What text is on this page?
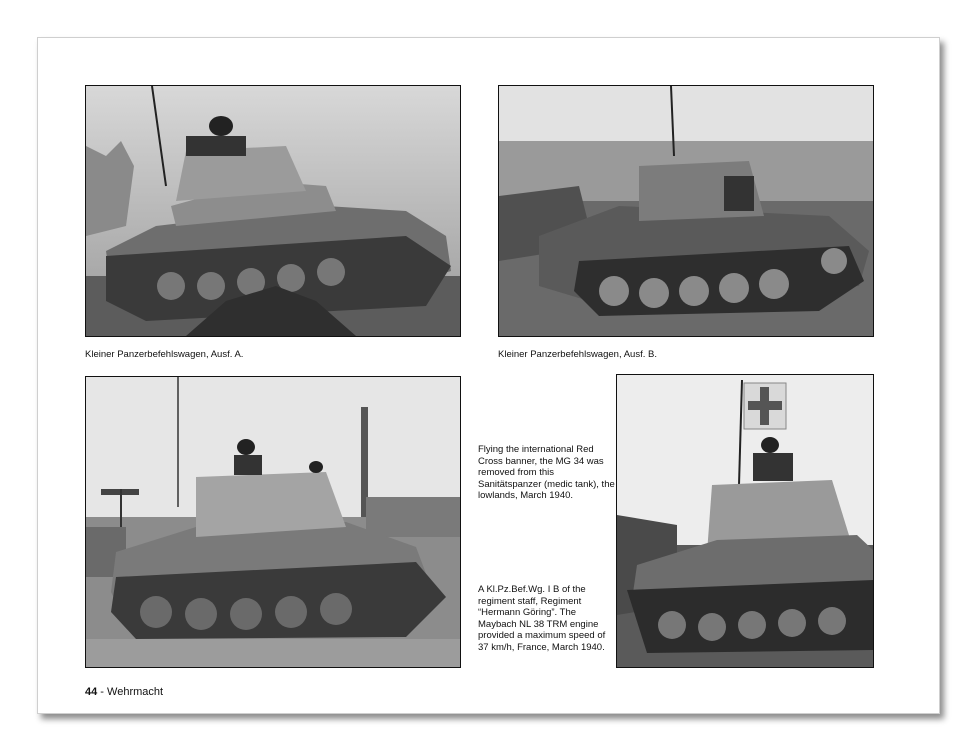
Kleiner Panzerbefehlswagen, Ausf. A.	Kleiner Panzerbefehlswagen, Ausf. B.
Flying the international Red Cross banner, the MG 34 was removed from this Sanitätspanzer (medic tank), the lowlands, March 1940.
A Kl.Pz.Bef.Wg. I B of the regiment staff, Regiment “Hermann Göring”. The Maybach NL 38 TRM engine provided a maximum speed of 37 km/h, France, March 1940.
44 - Wehrmacht
